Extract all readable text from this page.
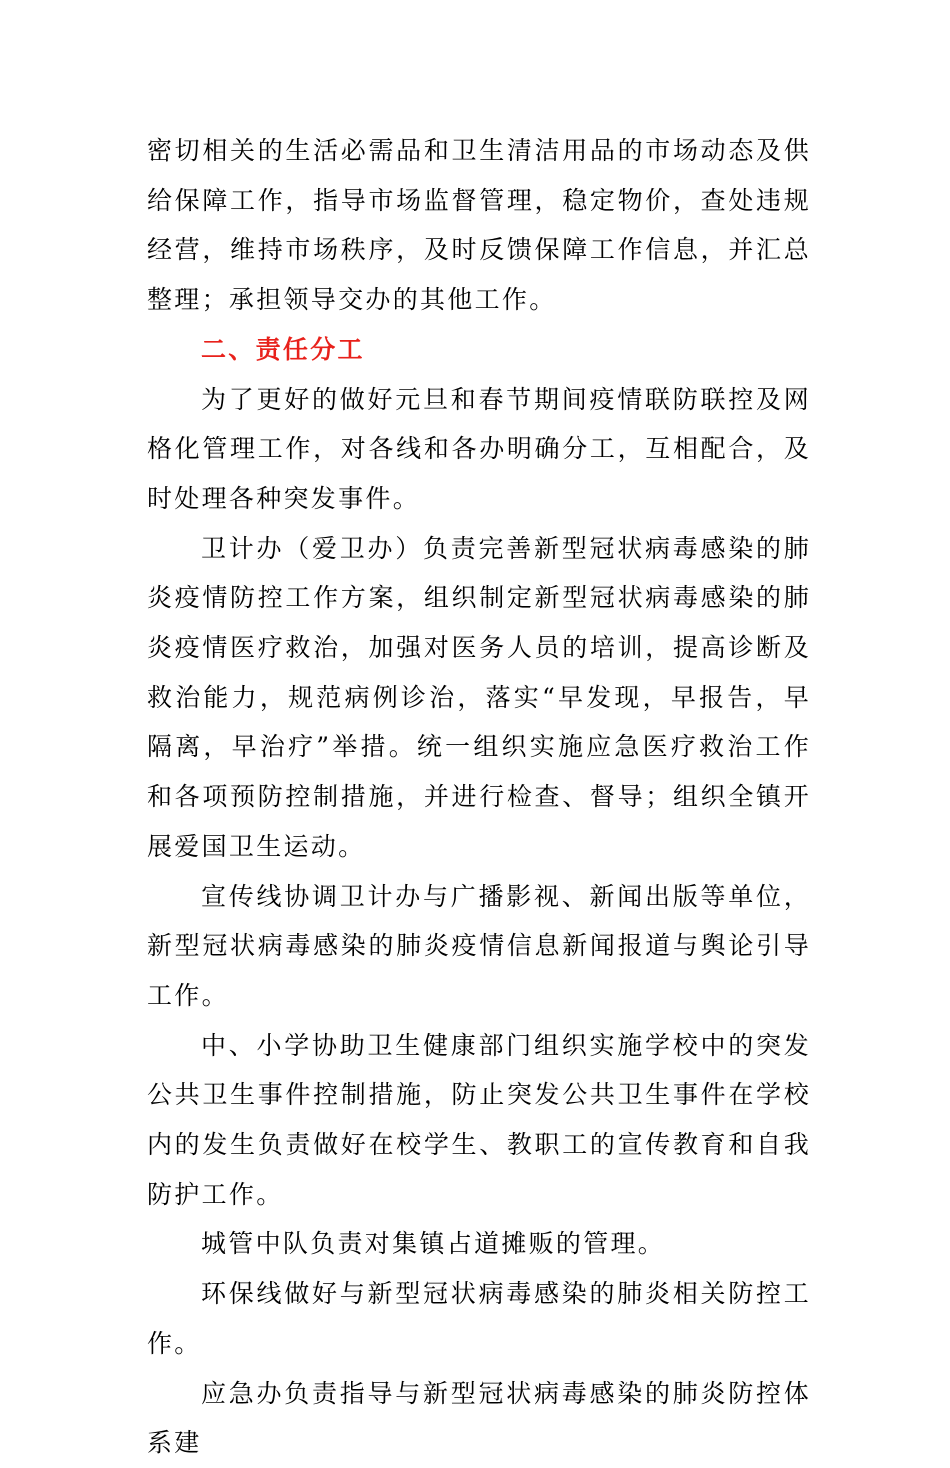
密切相关的生活必需品和卫生清洁用品的市场动态及供给保障工作，指导市场监督管理，稳定物价，查处违规经营，维持市场秩序，及时反馈保障工作信息，并汇总整理；承担领导交办的其他工作。

二、责任分工

为了更好的做好元旦和春节期间疫情联防联控及网格化管理工作，对各线和各办明确分工，互相配合，及时处理各种突发事件。

卫计办（爱卫办）负责完善新型冠状病毒感染的肺炎疫情防控工作方案，组织制定新型冠状病毒感染的肺炎疫情医疗救治，加强对医务人员的培训，提高诊断及救治能力，规范病例诊治，落实“早发现，早报告，早隔离，早治疗”举措。统一组织实施应急医疗救治工作和各项预防控制措施，并进行检查、督导；组织全镇开展爱国卫生运动。

宣传线协调卫计办与广播影视、新闻出版等单位，新型冠状病毒感染的肺炎疫情信息新闻报道与舆论引导工作。

中、小学协助卫生健康部门组织实施学校中的突发公共卫生事件控制措施，防止突发公共卫生事件在学校内的发生负责做好在校学生、教职工的宣传教育和自我防护工作。

城管中队负责对集镇占道摊贩的管理。

环保线做好与新型冠状病毒感染的肺炎相关防控工作。

应急办负责指导与新型冠状病毒感染的肺炎防控体系建
